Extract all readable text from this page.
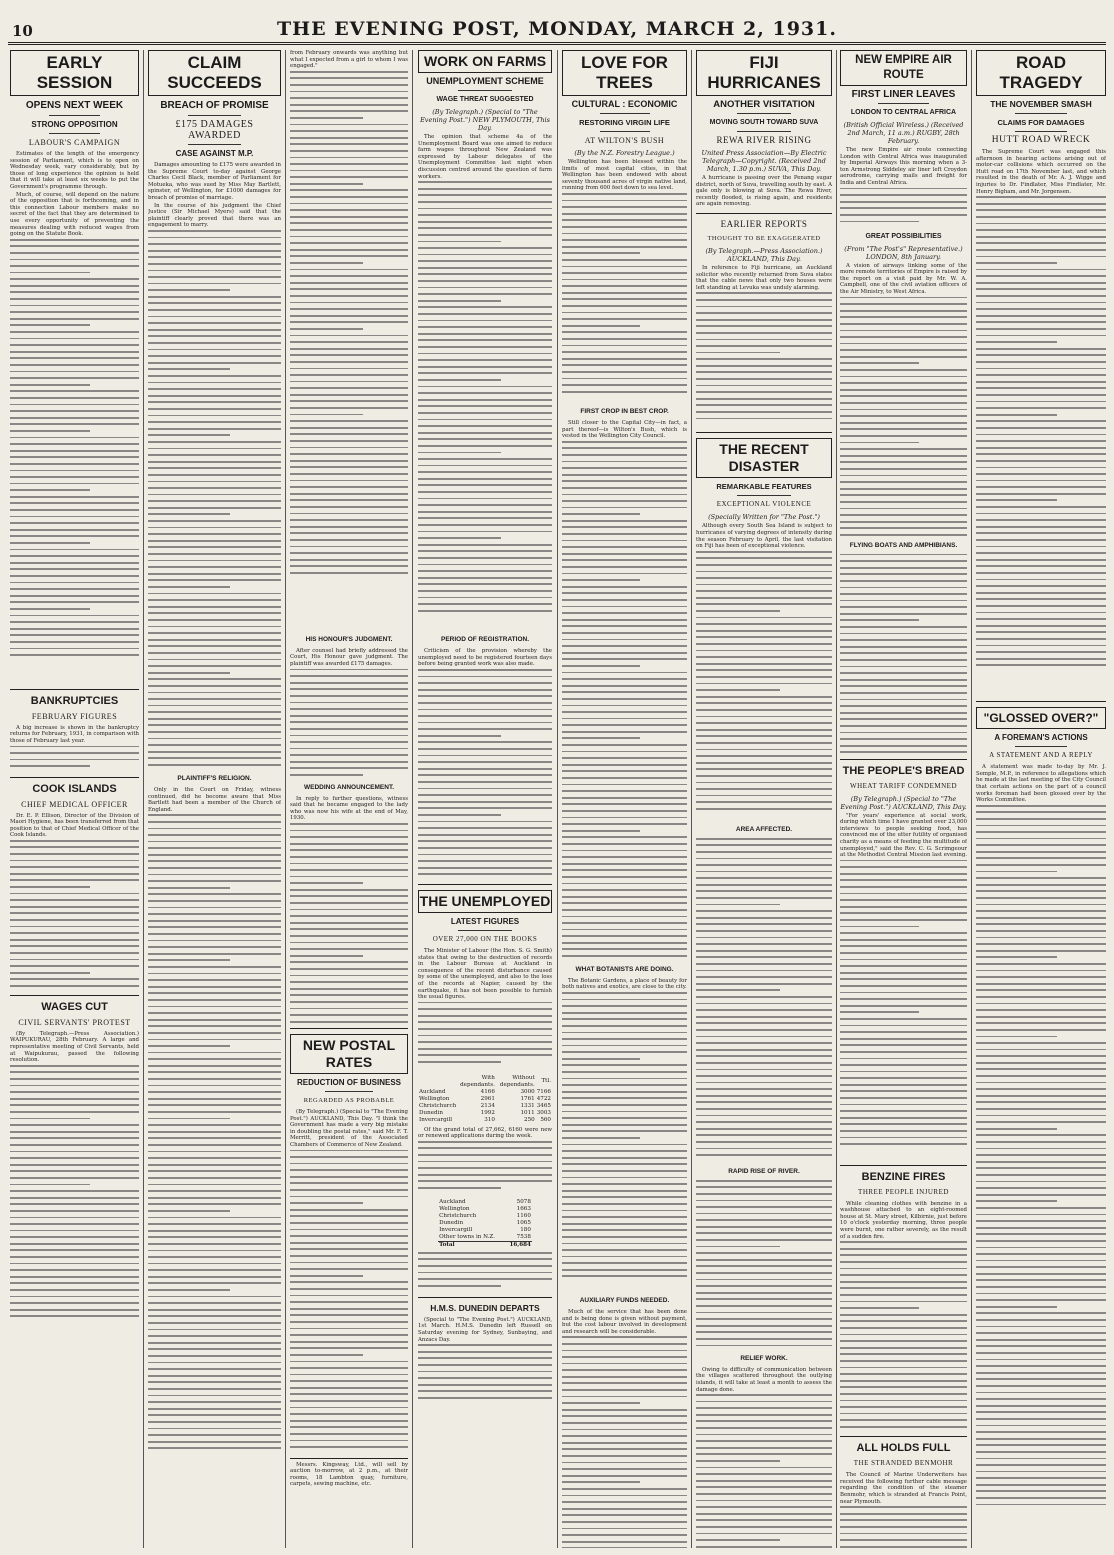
10	THE EVENING POST, MONDAY, MARCH 2, 1931.
EARLY SESSION
OPENS NEXT WEEK
STRONG OPPOSITION
LABOUR'S CAMPAIGN

Estimates of the length of the emergency session of Parliament, which is to open on Wednesday week, vary considerably, but by those of long experience the opinion is held that it will take at least six weeks to put the Government's programme through.

Much, of course, will depend on the nature of the opposition that is forthcoming, and in this connection Labour members make no secret of the fact that they are determined to use every opportunity of preventing the measures dealing with reduced wages from going on the Statute Book.

BANKRUPTCIES
FEBRUARY FIGURES

A big increase is shown in the bankruptcy returns for February, 1931, in comparison with those of February last year.

COOK ISLANDS
CHIEF MEDICAL OFFICER

Dr. E. P. Ellison, Director of the Division of Maori Hygiene, has been transferred from that position to that of Chief Medical Officer of the Cook Islands.

WAGES CUT
CIVIL SERVANTS' PROTEST

(By Telegraph.—Press Association.) WAIPUKURAU, 28th February. A large and representative meeting of Civil Servants, held at Waipukurau, passed the following resolution.

CLAIM SUCCEEDS
BREACH OF PROMISE
£175 DAMAGES AWARDED
CASE AGAINST M.P.

Damages amounting to £175 were awarded in the Supreme Court to-day against George Charles Cecil Black, member of Parliament for Motueka, who was sued by Miss May Bartlett, spinster, of Wellington, for £1000 damages for breach of promise of marriage.

In the course of his judgment the Chief Justice (Sir Michael Myers) said that the plaintiff clearly proved that there was an engagement to marry.

PLAINTIFF'S RELIGION.

Only in the Court on Friday, witness continued, did he become aware that Miss Bartlett had been a member of the Church of England.

from February onwards was anything but what I expected from a girl to whom I was engaged."

HIS HONOUR'S JUDGMENT.

After counsel had briefly addressed the Court, His Honour gave judgment. The plaintiff was awarded £175 damages.

WEDDING ANNOUNCEMENT.

In reply to further questions, witness said that he became engaged to the lady who was now his wife at the end of May, 1930.

NEW POSTAL RATES
REDUCTION OF BUSINESS
REGARDED AS PROBABLE

(By Telegraph.) (Special to "The Evening Post.") AUCKLAND, This Day. "I think the Government has made a very big mistake in doubling the postal rates," said Mr. F. T. Merritt, president of the Associated Chambers of Commerce of New Zealand.

Messrs. Kingsway, Ltd., will sell by auction to-morrow, at 2 p.m., at their rooms, 18 Lambton quay, furniture, carpets, sewing machine, etc.

WORK ON FARMS
UNEMPLOYMENT SCHEME
WAGE THREAT SUGGESTED
(By Telegraph.) (Special to "The Evening Post.") NEW PLYMOUTH, This Day.

The opinion that scheme 4a of the Unemployment Board was one aimed to reduce farm wages throughout New Zealand was expressed by Labour delegates of the Unemployment Committee last night when discussion centred around the question of farm workers.

PERIOD OF REGISTRATION.

Criticism of the provision whereby the unemployed need to be registered fourteen days before being granted work was also made.

THE UNEMPLOYED
LATEST FIGURES
OVER 27,000 ON THE BOOKS

The Minister of Labour (the Hon. S. G. Smith) states that owing to the destruction of records in the Labour Bureau at Auckland in consequence of the recent disturbance caused by some of the unemployed, and also to the loss of the records at Napier, caused by the earthquake, it has not been possible to furnish the usual figures.

	With dependants.	Without dependants.	Ttl.
Auckland	4166	3000	7166
Wellington	2961	1761	4722
Christchurch	2134	1331	3465
Dunedin	1992	1011	3003
Invercargill	310	250	560

Of the grand total of 27,662, 6160 were new or renewed applications during the week.

Auckland	5078
Wellington	1663
Christchurch	1160
Dunedin	1065
Invercargill	180
Other towns in N.Z.	7538
Total	16,684
H.M.S. DUNEDIN DEPARTS

(Special to "The Evening Post.") AUCKLAND, 1st March. H.M.S. Dunedin left Russell on Saturday evening for Sydney, Sunbaying, and Anzacs Day.

LOVE FOR TREES
CULTURAL : ECONOMIC
RESTORING VIRGIN LIFE
AT WILTON'S BUSH
(By the N.Z. Forestry League.)

Wellington has been blessed within the limits of most capital cities, in that Wellington has been endowed with about seventy thousand acres of virgin native land, running from 600 feet down to sea level.

FIRST CROP IN BEST CROP.

Still closer to the Capital City—in fact, a part thereof—is Wilton's Bush, which is vested in the Wellington City Council.

WHAT BOTANISTS ARE DOING.

The Botanic Gardens, a place of beauty for both natives and exotics, are close to the city.

AUXILIARY FUNDS NEEDED.

Much of the service that has been done and is being done is given without payment, but the cost labour involved in development and research will be considerable.

FIJI HURRICANES
ANOTHER VISITATION
MOVING SOUTH TOWARD SUVA
REWA RIVER RISING
United Press Association—By Electric Telegraph—Copyright. (Received 2nd March, 1.30 p.m.) SUVA, This Day.

A hurricane is passing over the Penang sugar district, north of Suva, travelling south by east. A gale only is blowing at Suva. The Rewa River, recently flooded, is rising again, and residents are again removing.

EARLIER REPORTS
THOUGHT TO BE EXAGGERATED
(By Telegraph.—Press Association.) AUCKLAND, This Day.

In reference to Fiji hurricane, an Auckland solicitor who recently returned from Suva states that the cable news that only two houses were left standing at Levuka was unduly alarming.

THE RECENT DISASTER
REMARKABLE FEATURES
EXCEPTIONAL VIOLENCE
(Specially Written for "The Post.")

Although every South Sea Island is subject to hurricanes of varying degrees of intensity during the season February to April, the last visitation on Fiji has been of exceptional violence.

AREA AFFECTED.
RAPID RISE OF RIVER.
RELIEF WORK.

Owing to difficulty of communication between the villages scattered throughout the outlying islands, it will take at least a month to assess the damage done.

NEW EMPIRE AIR ROUTE
FIRST LINER LEAVES
LONDON TO CENTRAL AFRICA
(British Official Wireless.) (Received 2nd March, 11 a.m.) RUGBY, 28th February.

The new Empire air route connecting London with Central Africa was inaugurated by Imperial Airways this morning when a 3-ton Armstrong Siddeley air liner left Croydon aerodrome, carrying mails and freight for India and Central Africa.

GREAT POSSIBILITIES
(From "The Post's" Representative.) LONDON, 8th January.

A vision of airways linking some of the more remote territories of Empire is raised by the report on a visit paid by Mr. W. A. Campbell, one of the civil aviation officers of the Air Ministry, to West Africa.

FLYING BOATS AND AMPHIBIANS.
THE PEOPLE'S BREAD
WHEAT TARIFF CONDEMNED
(By Telegraph.) (Special to "The Evening Post.") AUCKLAND, This Day.

"For years' experience at social work, during which time I have granted over 23,000 interviews to people seeking food, has convinced me of the utter futility of organised charity as a means of feeding the multitude of unemployed," said the Rev. C. G. Scrimgeour at the Methodist Central Mission last evening.

BENZINE FIRES
THREE PEOPLE INJURED

While cleaning clothes with benzine in a washhouse attached to an eight-roomed house at St. Mary street, Kilbirnie, just before 10 o'clock yesterday morning, three people were burnt, one rather severely, as the result of a sudden fire.

ALL HOLDS FULL
THE STRANDED BENMOHR

The Council of Marine Underwriters has received the following further cable message regarding the condition of the steamer Benmohr, which is stranded at Francis Point, near Plymouth.

ROAD TRAGEDY
THE NOVEMBER SMASH
CLAIMS FOR DAMAGES
HUTT ROAD WRECK

The Supreme Court was engaged this afternoon in hearing actions arising out of motor-car collisions which occurred on the Hutt road on 17th November last, and which resulted in the death of Mr. A. J. Wigge and injuries to Dr. Findlater, Miss Findlater, Mr. Henry Bigham, and Mr. Jorgensen.

"GLOSSED OVER?"
A FOREMAN'S ACTIONS
A STATEMENT AND A REPLY

A statement was made to-day by Mr. J. Semple, M.P., in reference to allegations which he made at the last meeting of the City Council that certain actions on the part of a council works foreman had been glossed over by the Works Committee.
